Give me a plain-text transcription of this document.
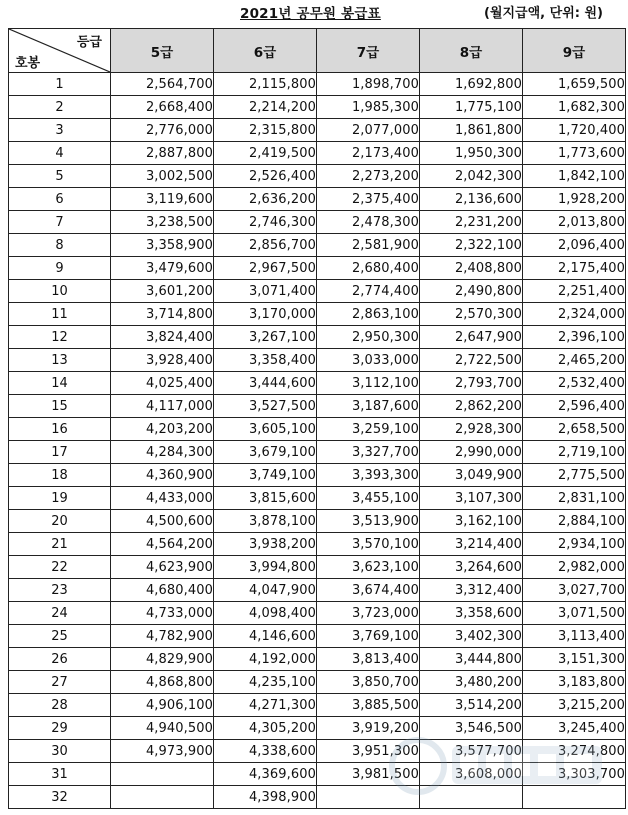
2021년 공무원 봉급표	(월지급액, 단위: 원)
등급
호봉	5급	6급	7급	8급	9급
1	2,564,700	2,115,800	1,898,700	1,692,800	1,659,500
2	2,668,400	2,214,200	1,985,300	1,775,100	1,682,300
3	2,776,000	2,315,800	2,077,000	1,861,800	1,720,400
4	2,887,800	2,419,500	2,173,400	1,950,300	1,773,600
5	3,002,500	2,526,400	2,273,200	2,042,300	1,842,100
6	3,119,600	2,636,200	2,375,400	2,136,600	1,928,200
7	3,238,500	2,746,300	2,478,300	2,231,200	2,013,800
8	3,358,900	2,856,700	2,581,900	2,322,100	2,096,400
9	3,479,600	2,967,500	2,680,400	2,408,800	2,175,400
10	3,601,200	3,071,400	2,774,400	2,490,800	2,251,400
11	3,714,800	3,170,000	2,863,100	2,570,300	2,324,000
12	3,824,400	3,267,100	2,950,300	2,647,900	2,396,100
13	3,928,400	3,358,400	3,033,000	2,722,500	2,465,200
14	4,025,400	3,444,600	3,112,100	2,793,700	2,532,400
15	4,117,000	3,527,500	3,187,600	2,862,200	2,596,400
16	4,203,200	3,605,100	3,259,100	2,928,300	2,658,500
17	4,284,300	3,679,100	3,327,700	2,990,000	2,719,100
18	4,360,900	3,749,100	3,393,300	3,049,900	2,775,500
19	4,433,000	3,815,600	3,455,100	3,107,300	2,831,100
20	4,500,600	3,878,100	3,513,900	3,162,100	2,884,100
21	4,564,200	3,938,200	3,570,100	3,214,400	2,934,100
22	4,623,900	3,994,800	3,623,100	3,264,600	2,982,000
23	4,680,400	4,047,900	3,674,400	3,312,400	3,027,700
24	4,733,000	4,098,400	3,723,000	3,358,600	3,071,500
25	4,782,900	4,146,600	3,769,100	3,402,300	3,113,400
26	4,829,900	4,192,000	3,813,400	3,444,800	3,151,300
27	4,868,800	4,235,100	3,850,700	3,480,200	3,183,800
28	4,906,100	4,271,300	3,885,500	3,514,200	3,215,200
29	4,940,500	4,305,200	3,919,200	3,546,500	3,245,400
30	4,973,900	4,338,600	3,951,300	3,577,700	3,274,800
31		4,369,600	3,981,500	3,608,000	3,303,700
32		4,398,900			
